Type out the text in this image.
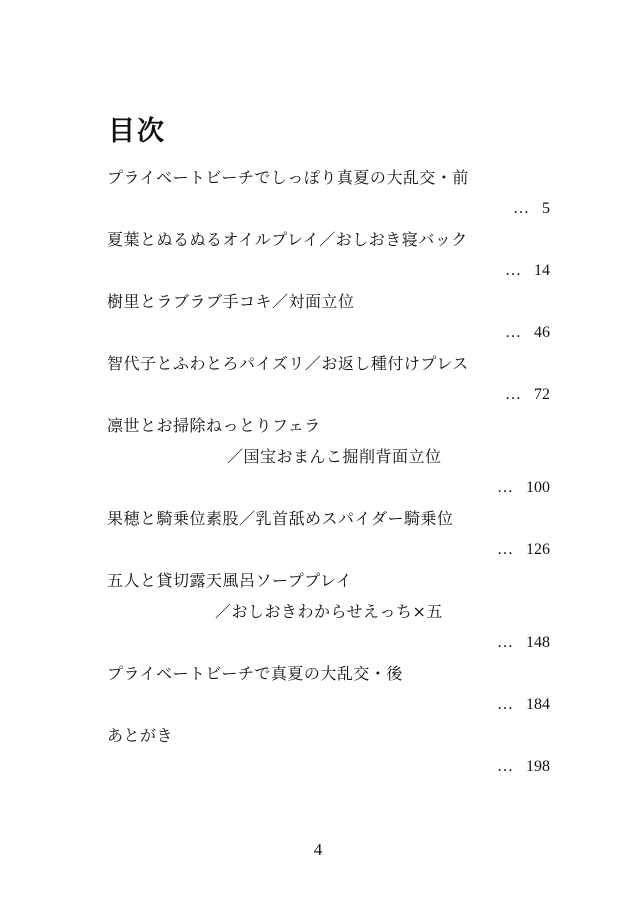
目次
プライベートビーチでしっぽり真夏の大乱交・前
… 5
夏葉とぬるぬるオイルプレイ／おしおき寝バック
… 14
樹里とラブラブ手コキ／対面立位
… 46
智代子とふわとろパイズリ／お返し種付けプレス
… 72
凛世とお掃除ねっとりフェラ
／国宝おまんこ掘削背面立位
… 100
果穂と騎乗位素股／乳首舐めスパイダー騎乗位
… 126
五人と貸切露天風呂ソーププレイ
／おしおきわからせえっち×五
… 148
プライベートビーチで真夏の大乱交・後
… 184
あとがき
… 198
4
